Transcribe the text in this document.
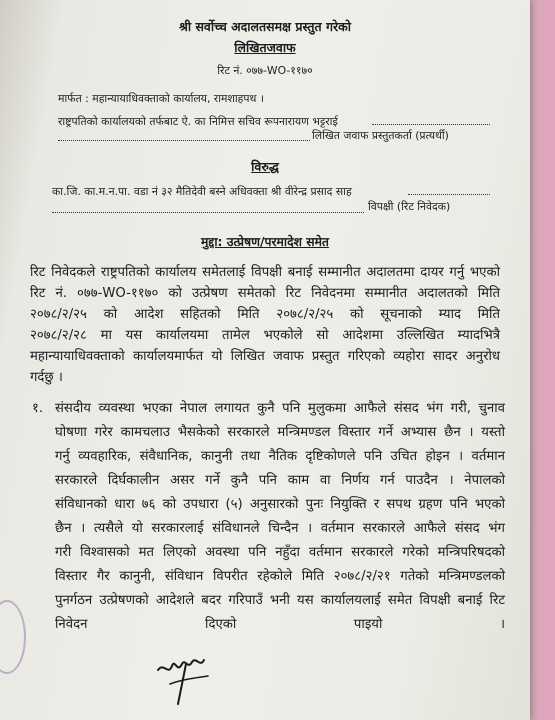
श्री सर्वोच्च अदालतसमक्ष प्रस्तुत गरेको
लिखितजवाफ
रिट नं. ०७७-WO-११७०
मार्फत : महान्यायाधिवक्ताको कार्यालय, रामशाहपथ ।
राष्ट्रपतिको कार्यालयको तर्फबाट ऐ. का निमित्त सचिव रूपनारायण भट्टराई
लिखित जवाफ प्रस्तुतकर्ता (प्रत्यर्थी)
विरुद्ध
का.जि. का.म.न.पा. वडा नं ३२ मैतिदेवी बस्ने अधिवक्ता श्री वीरेन्द्र प्रसाद साह
विपक्षी (रिट निवेदक)
मुद्दा: उत्प्रेषण/परमादेश समेत
रिट निवेदकले राष्ट्रपतिको कार्यालय समेतलाई विपक्षी बनाई सम्मानीत अदालतमा दायर गर्नु भएको
रिट नं. ०७७-WO-११७० को उत्प्रेषण समेतको रिट निवेदनमा सम्मानीत अदालतको मिति
२०७८/२/२५ को आदेश सहितको मिति २०७८/२/२५ को सूचनाको म्याद मिति
२०७८/२/२८ मा यस कार्यालयमा तामेल भएकोले सो आदेशमा उल्लिखित म्यादभित्रै
महान्यायाधिवक्ताको कार्यालयमार्फत यो लिखित जवाफ प्रस्तुत गरिएको व्यहोरा सादर अनुरोध
गर्दछु ।
१. संसदीय व्यवस्था भएका नेपाल लगायत कुनै पनि मुलुकमा आफैले संसद भंग गरी, चुनाव
घोषणा गरेर कामचलाउ भैसकेको सरकारले मन्त्रिमण्डल विस्तार गर्ने अभ्यास छैन । यस्तो
गर्नु व्यवहारिक, संवैधानिक, कानुनी तथा नैतिक दृष्टिकोणले पनि उचित होइन । वर्तमान
सरकारले दिर्घकालीन असर गर्ने कुनै पनि काम वा निर्णय गर्न पाउदैन । नेपालको
संविधानको धारा ७६ को उपधारा (५) अनुसारको पुनः नियुक्ति र सपथ ग्रहण पनि भएको
छैन । त्यसैले यो सरकारलाई संविधानले चिन्दैन । वर्तमान सरकारले आफैले संसद भंग
गरी विश्वासको मत लिएको अवस्था पनि नहुँदा वर्तमान सरकारले गरेको मन्त्रिपरिषदको
विस्तार गैर कानुनी, संविधान विपरीत रहेकोले मिति २०७८/२/२१ गतेको मन्त्रिमण्डलको
पुनर्गठन उत्प्रेषणको आदेशले बदर गरिपाउँ भनी यस कार्यालयलाई समेत विपक्षी बनाई रिट
निवेदन दिएको पाइयो ।
